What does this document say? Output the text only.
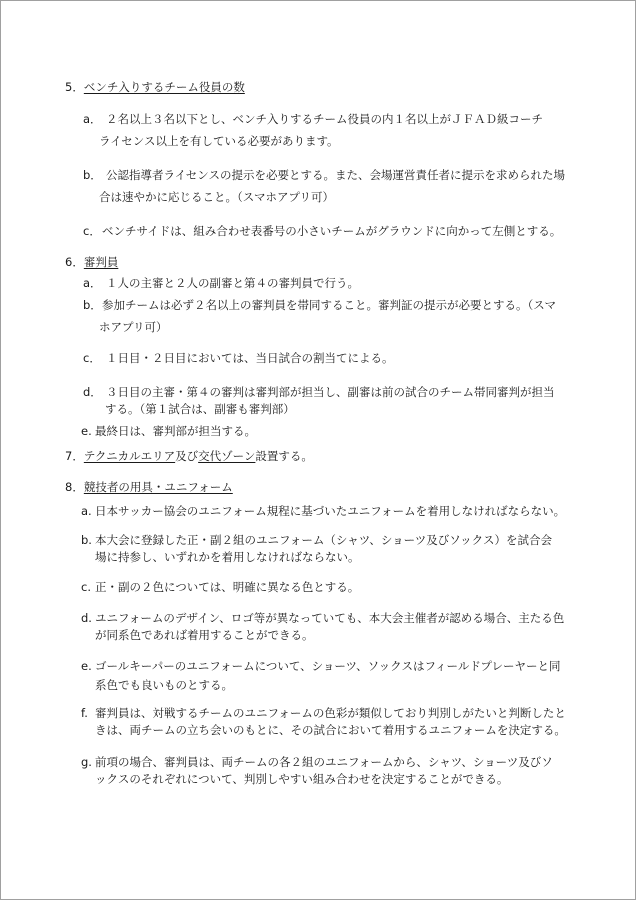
5．ベンチ入りするチーム役員の数
a． ２名以上３名以下とし、ベンチ入りするチーム役員の内１名以上がＪＦＡＤ級コーチ
ライセンス以上を有している必要があります。
b． 公認指導者ライセンスの提示を必要とする。また、会場運営責任者に提示を求められた場
合は速やかに応じること。（スマホアプリ可）
c． ベンチサイドは、組み合わせ表番号の小さいチームがグラウンドに向かって左側とする。
6．審判員
a． １人の主審と２人の副審と第４の審判員で行う。
b． 参加チームは必ず２名以上の審判員を帯同すること。審判証の提示が必要とする。（スマ
ホアプリ可）
c． １日目・２日目においては、当日試合の割当てによる。
d． ３日目の主審・第４の審判は審判部が担当し、副審は前の試合のチーム帯同審判が担当
する。（第１試合は、副審も審判部）
e. 最終日は、審判部が担当する。
7．テクニカルエリア及び交代ゾーン設置する。
8．競技者の用具・ユニフォーム
a. 日本サッカー協会のユニフォーム規程に基づいたユニフォームを着用しなければならない。
b. 本大会に登録した正・副２組のユニフォーム（シャツ、ショーツ及びソックス）を試合会
場に持参し、いずれかを着用しなければならない。
c. 正・副の２色については、明確に異なる色とする。
d. ユニフォームのデザイン、ロゴ等が異なっていても、本大会主催者が認める場合、主たる色
が同系色であれば着用することができる。
e. ゴールキーパーのユニフォームについて、ショーツ、ソックスはフィールドプレーヤーと同
系色でも良いものとする。
f. 審判員は、対戦するチームのユニフォームの色彩が類似しており判別しがたいと判断したと
きは、両チームの立ち会いのもとに、その試合において着用するユニフォームを決定する。
g. 前項の場合、審判員は、両チームの各２組のユニフォームから、シャツ、ショーツ及びソ
ックスのそれぞれについて、判別しやすい組み合わせを決定することができる。
